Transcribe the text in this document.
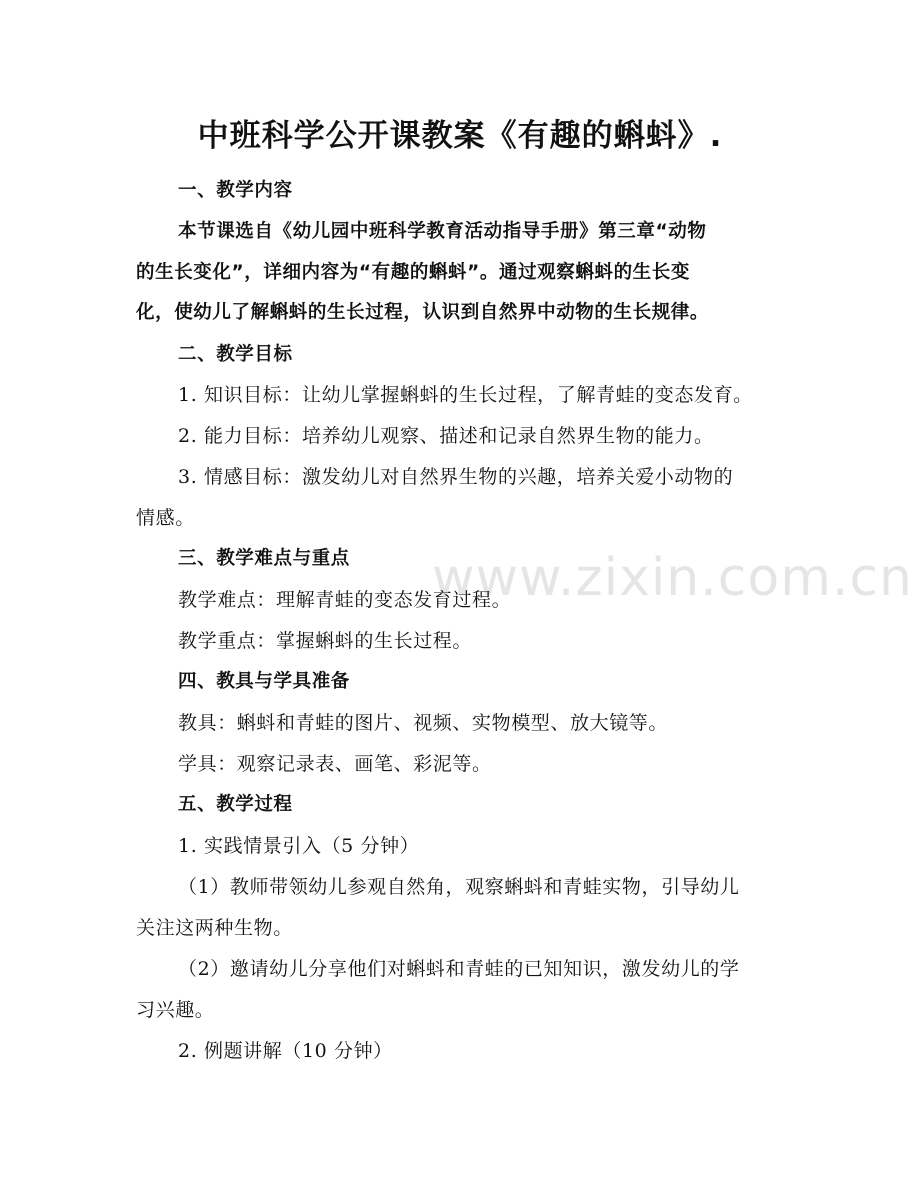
www.zixin.com.cn
中班科学公开课教案《有趣的蝌蚪》.
一、教学内容
本节课选自《幼儿园中班科学教育活动指导手册》第三章“动物
的生长变化”，详细内容为“有趣的蝌蚪”。通过观察蝌蚪的生长变
化，使幼儿了解蝌蚪的生长过程，认识到自然界中动物的生长规律。
二、教学目标
1. 知识目标：让幼儿掌握蝌蚪的生长过程，了解青蛙的变态发育。
2. 能力目标：培养幼儿观察、描述和记录自然界生物的能力。
3. 情感目标：激发幼儿对自然界生物的兴趣，培养关爱小动物的
情感。
三、教学难点与重点
教学难点：理解青蛙的变态发育过程。
教学重点：掌握蝌蚪的生长过程。
四、教具与学具准备
教具：蝌蚪和青蛙的图片、视频、实物模型、放大镜等。
学具：观察记录表、画笔、彩泥等。
五、教学过程
1. 实践情景引入（5 分钟）
（1）教师带领幼儿参观自然角，观察蝌蚪和青蛙实物，引导幼儿
关注这两种生物。
（2）邀请幼儿分享他们对蝌蚪和青蛙的已知知识，激发幼儿的学
习兴趣。
2. 例题讲解（10 分钟）
